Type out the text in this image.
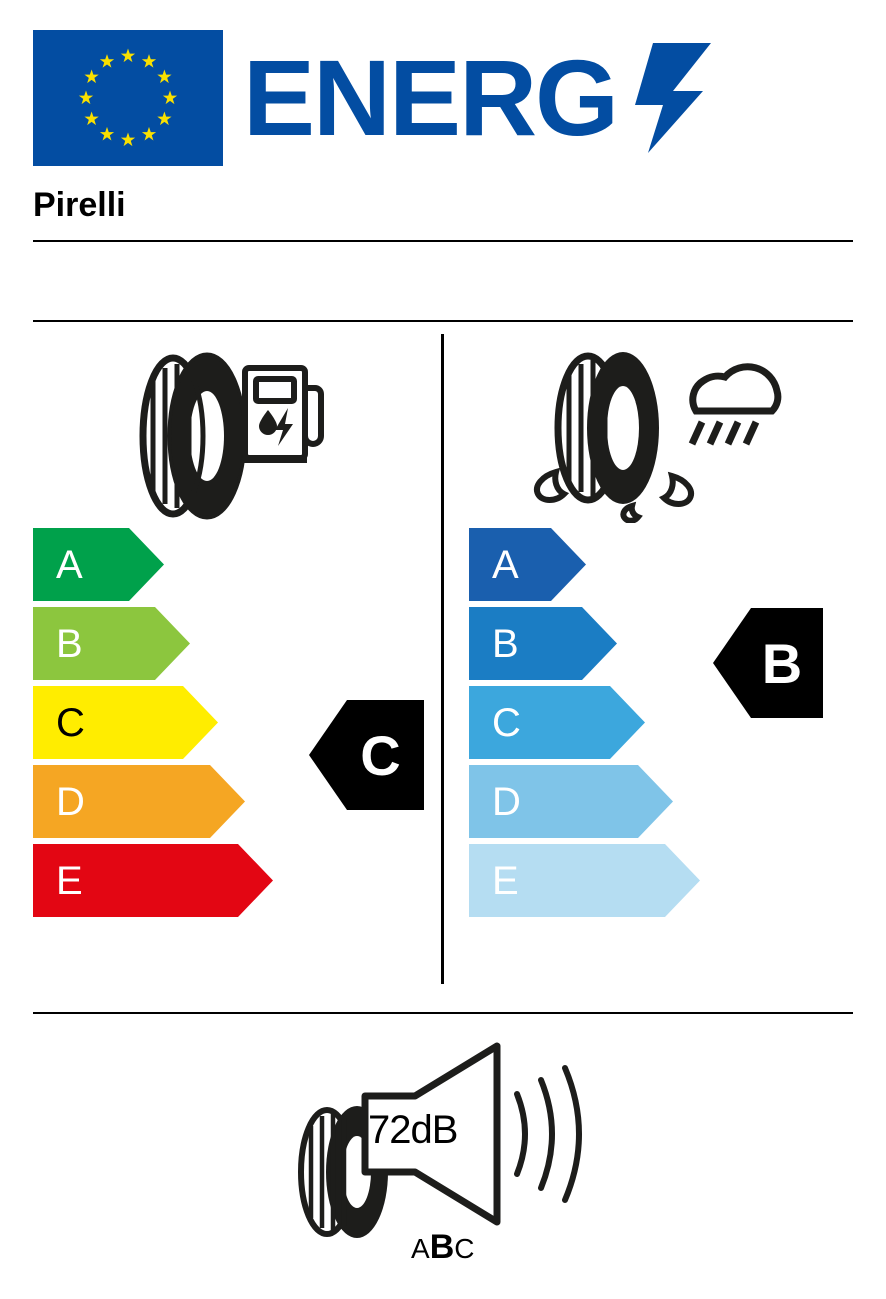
ENERG
Pirelli
A
B
C
D
E
C
A
B
C
D
E
B
72dB
ABC
